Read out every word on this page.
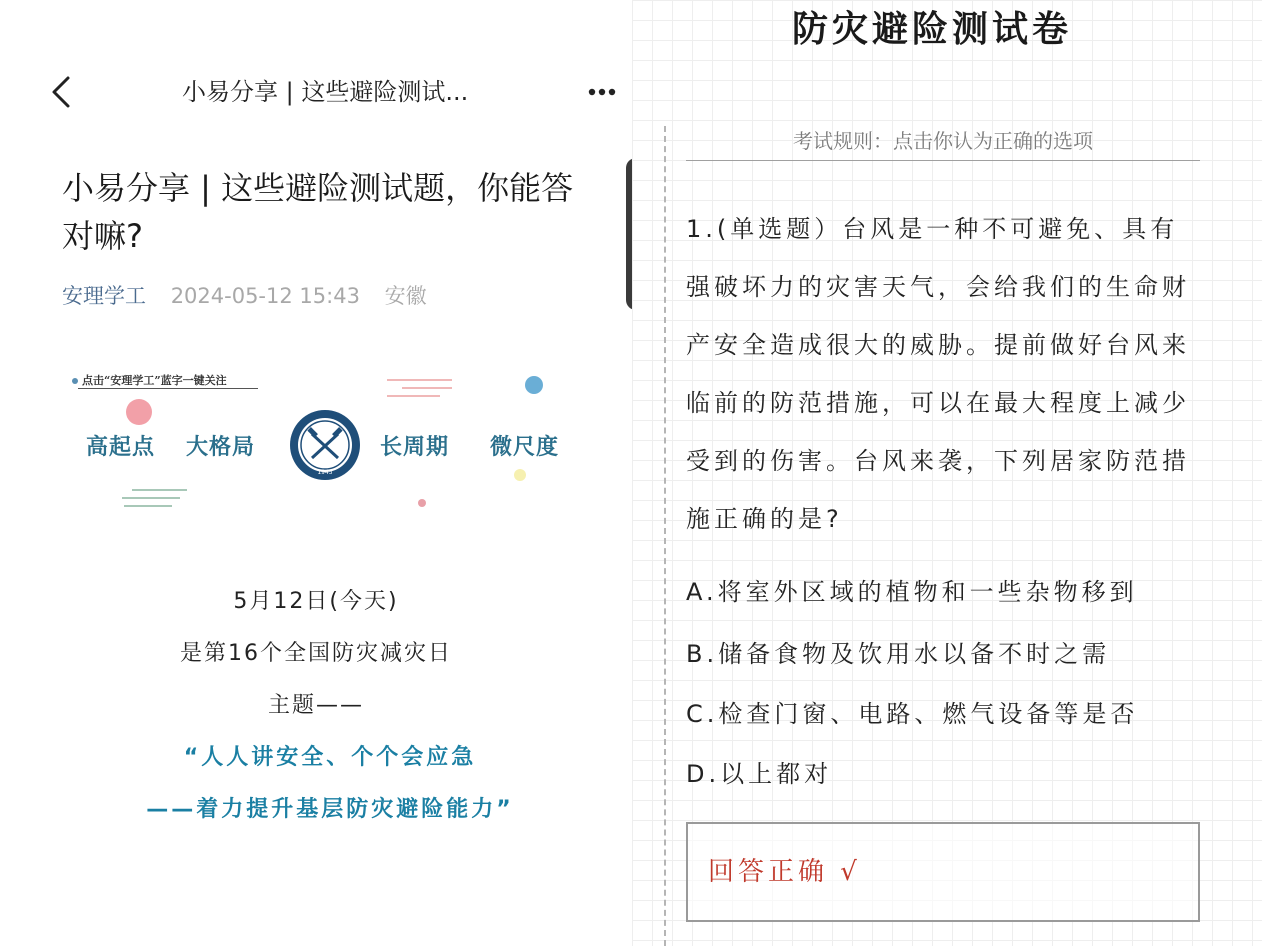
小易分享 | 这些避险测试...
小易分享 | 这些避险测试题，你能答对嘛?
安理学工 2024-05-12 15:43 安徽
点击“安理学工”蓝字一键关注
高起点 大格局
1945
长周期 微尺度
5月12日(今天)
是第16个全国防灾减灾日
主题——
“人人讲安全、个个会应急
——着力提升基层防灾避险能力”
防灾避险测试卷
考试规则：点击你认为正确的选项
1.(单选题）台风是一种不可避免、具有强破坏力的灾害天气，会给我们的生命财产安全造成很大的威胁。提前做好台风来临前的防范措施，可以在最大程度上减少受到的伤害。台风来袭，下列居家防范措施正确的是?
A.将室外区域的植物和一些杂物移到
B.储备食物及饮用水以备不时之需
C.检查门窗、电路、燃气设备等是否
D.以上都对
回答正确 √
